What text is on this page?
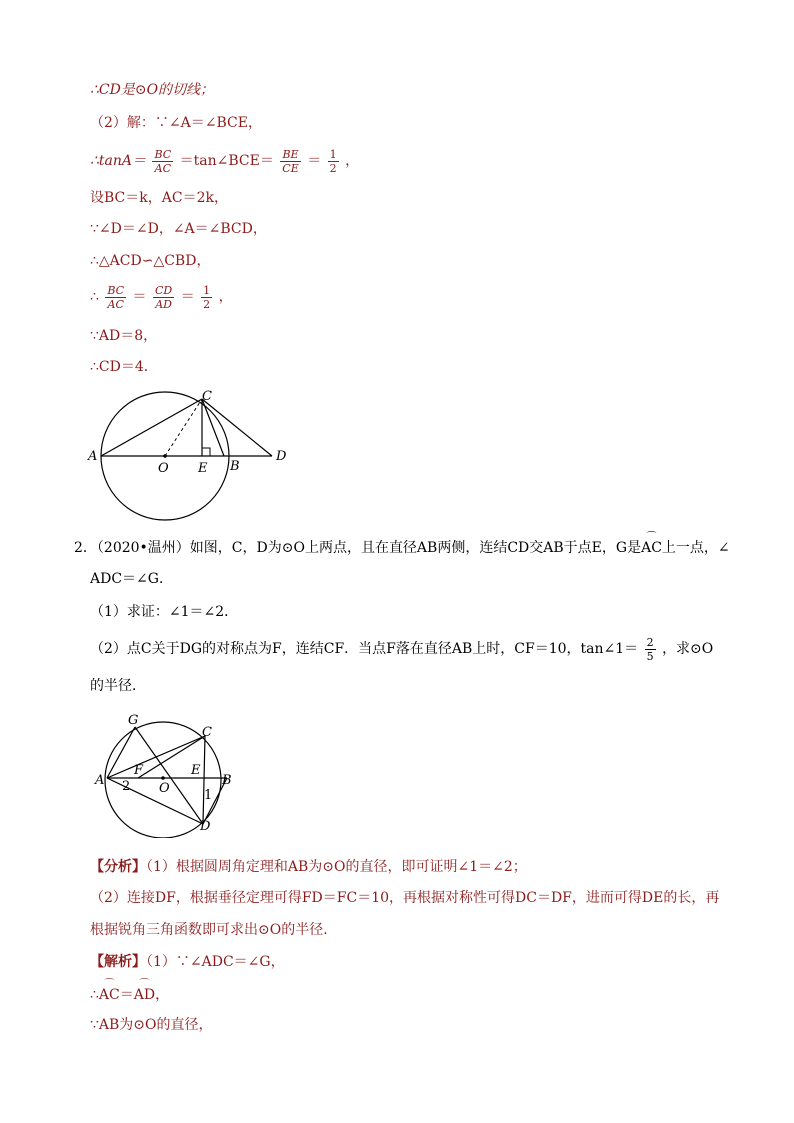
∴CD是⊙O的切线；
（2）解：∵∠A＝∠BCE，
∴tanA＝ $\frac{BC}{AC}$ ＝tan∠BCE＝ $\frac{BE}{CE} = \frac{1}{2}$ ，
设BC＝k，AC＝2k，
∵∠D＝∠D，∠A＝∠BCD，
∴△ACD∽△CBD，
∴ $\frac{BC}{AC} = \frac{CD}{AD} = \frac{1}{2}$ ，
∵AD＝8，
∴CD＝4．
A
B
C
D
E
O
2．（2020•温州）如图，C，D为⊙O上两点，且在直径AB两侧，连结CD交AB于点E，G是⌒ AC上一点，∠
ADC＝∠G．
（1）求证：∠1＝∠2．
（2）点C关于DG的对称点为F，连结CF．当点F落在直径AB上时，CF＝10，tan∠1＝ $\frac{2}{5}$ ，求⊙O
的半径．
G
C
A
F	E
B
2 O	1
D
【分析】（1）根据圆周角定理和AB为⊙O的直径，即可证明∠1＝∠2；
（2）连接DF，根据垂径定理可得FD＝FC＝10，再根据对称性可得DC＝DF，进而可得DE的长，再
根据锐角三角函数即可求出⊙O的半径．
【解析】（1）∵∠ADC＝∠G，
∴⌒ AC＝⌒ AD，
∵AB为⊙O的直径，
